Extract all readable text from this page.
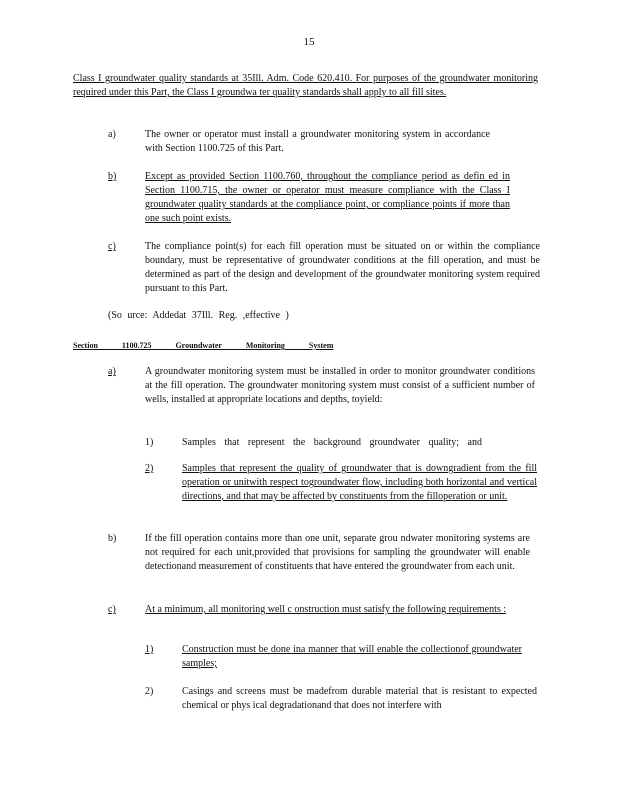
15
Class I groundwater quality standards at 35Ill. Adm. Code 620.410. For purposes of the groundwater monitoring required under this Part, the Class I groundwa ter quality standards shall apply to all fill sites.
a)	The owner or operator must install a groundwater monitoring system in accordance with Section 1100.725 of this Part.
b)	Except as provided Section 1100.760, throughout the compliance period as defin ed in Section 1100.715, the owner or operator must measure compliance with the Class I groundwater quality standards at the compliance point, or compliance points if more than one such point exists.
c)	The compliance point(s) for each fill operation must be situated on or within the compliance boundary, must be representative of groundwater conditions at the fill operation, and must be determined as part of the design and development of the groundwater monitoring system required pursuant to this Part.
(So urce: Addedat 37Ill. Reg. ,effective )
Section 1100.725 Groundwater Monitoring System
a)	A groundwater monitoring system must be installed in order to monitor groundwater conditions at the fill operation. The groundwater monitoring system must consist of a sufficient number of wells, installed at appropriate locations and depths, toyield:
1)	Samples that represent the background groundwater quality; and
2)	Samples that represent the quality of groundwater that is downgradient from the fill operation or unitwith respect togroundwater flow, including both horizontal and vertical directions, and that may be affected by constituents from the filloperation or unit.
b)	If the fill operation contains more than one unit, separate grou ndwater monitoring systems are not required for each unit,provided that provisions for sampling the groundwater will enable detectionand measurement of constituents that have entered the groundwater from each unit.
c)	At a minimum, all monitoring well c onstruction must satisfy the following requirements :
1)	Construction must be done ina manner that will enable the collectionof groundwater samples;
2)	Casings and screens must be madefrom durable material that is resistant to expected chemical or phys ical degradationand that does not interfere with
